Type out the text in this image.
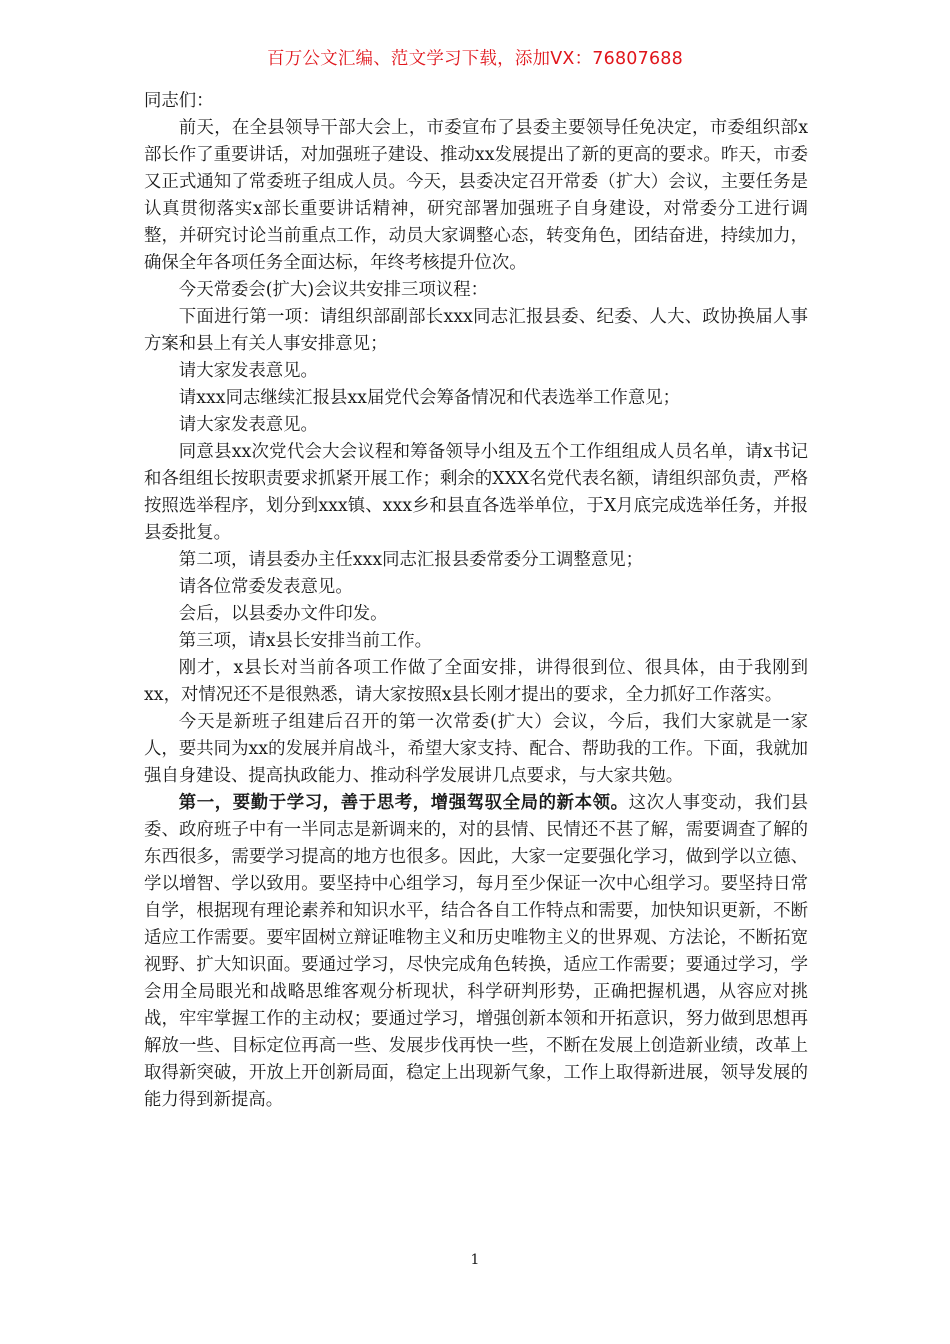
百万公文汇编、范文学习下载，添加VX：76807688

同志们：

前天，在全县领导干部大会上，市委宣布了县委主要领导任免决定，市委组织部x部长作了重要讲话，对加强班子建设、推动xx发展提出了新的更高的要求。昨天，市委又正式通知了常委班子组成人员。今天，县委决定召开常委（扩大）会议，主要任务是认真贯彻落实x部长重要讲话精神，研究部署加强班子自身建设，对常委分工进行调整，并研究讨论当前重点工作，动员大家调整心态，转变角色，团结奋进，持续加力，确保全年各项任务全面达标，年终考核提升位次。

今天常委会(扩大)会议共安排三项议程：

下面进行第一项：请组织部副部长xxx同志汇报县委、纪委、人大、政协换届人事方案和县上有关人事安排意见；

请大家发表意见。

请xxx同志继续汇报县xx届党代会筹备情况和代表选举工作意见；

请大家发表意见。

同意县xx次党代会大会议程和筹备领导小组及五个工作组组成人员名单，请x书记和各组组长按职责要求抓紧开展工作；剩余的XXX名党代表名额，请组织部负责，严格按照选举程序，划分到xxx镇、xxx乡和县直各选举单位，于X月底完成选举任务，并报县委批复。

第二项，请县委办主任xxx同志汇报县委常委分工调整意见；

请各位常委发表意见。

会后，以县委办文件印发。

第三项，请x县长安排当前工作。

刚才，x县长对当前各项工作做了全面安排，讲得很到位、很具体，由于我刚到xx，对情况还不是很熟悉，请大家按照x县长刚才提出的要求，全力抓好工作落实。

今天是新班子组建后召开的第一次常委(扩大）会议，今后，我们大家就是一家人，要共同为xx的发展并肩战斗，希望大家支持、配合、帮助我的工作。下面，我就加强自身建设、提高执政能力、推动科学发展讲几点要求，与大家共勉。

第一，要勤于学习，善于思考，增强驾驭全局的新本领。这次人事变动，我们县委、政府班子中有一半同志是新调来的，对的县情、民情还不甚了解，需要调查了解的东西很多，需要学习提高的地方也很多。因此，大家一定要强化学习，做到学以立德、学以增智、学以致用。要坚持中心组学习，每月至少保证一次中心组学习。要坚持日常自学，根据现有理论素养和知识水平，结合各自工作特点和需要，加快知识更新，不断适应工作需要。要牢固树立辩证唯物主义和历史唯物主义的世界观、方法论，不断拓宽视野、扩大知识面。要通过学习，尽快完成角色转换，适应工作需要；要通过学习，学会用全局眼光和战略思维客观分析现状，科学研判形势，正确把握机遇，从容应对挑战，牢牢掌握工作的主动权；要通过学习，增强创新本领和开拓意识，努力做到思想再解放一些、目标定位再高一些、发展步伐再快一些，不断在发展上创造新业绩，改革上取得新突破，开放上开创新局面，稳定上出现新气象，工作上取得新进展，领导发展的能力得到新提高。

1
